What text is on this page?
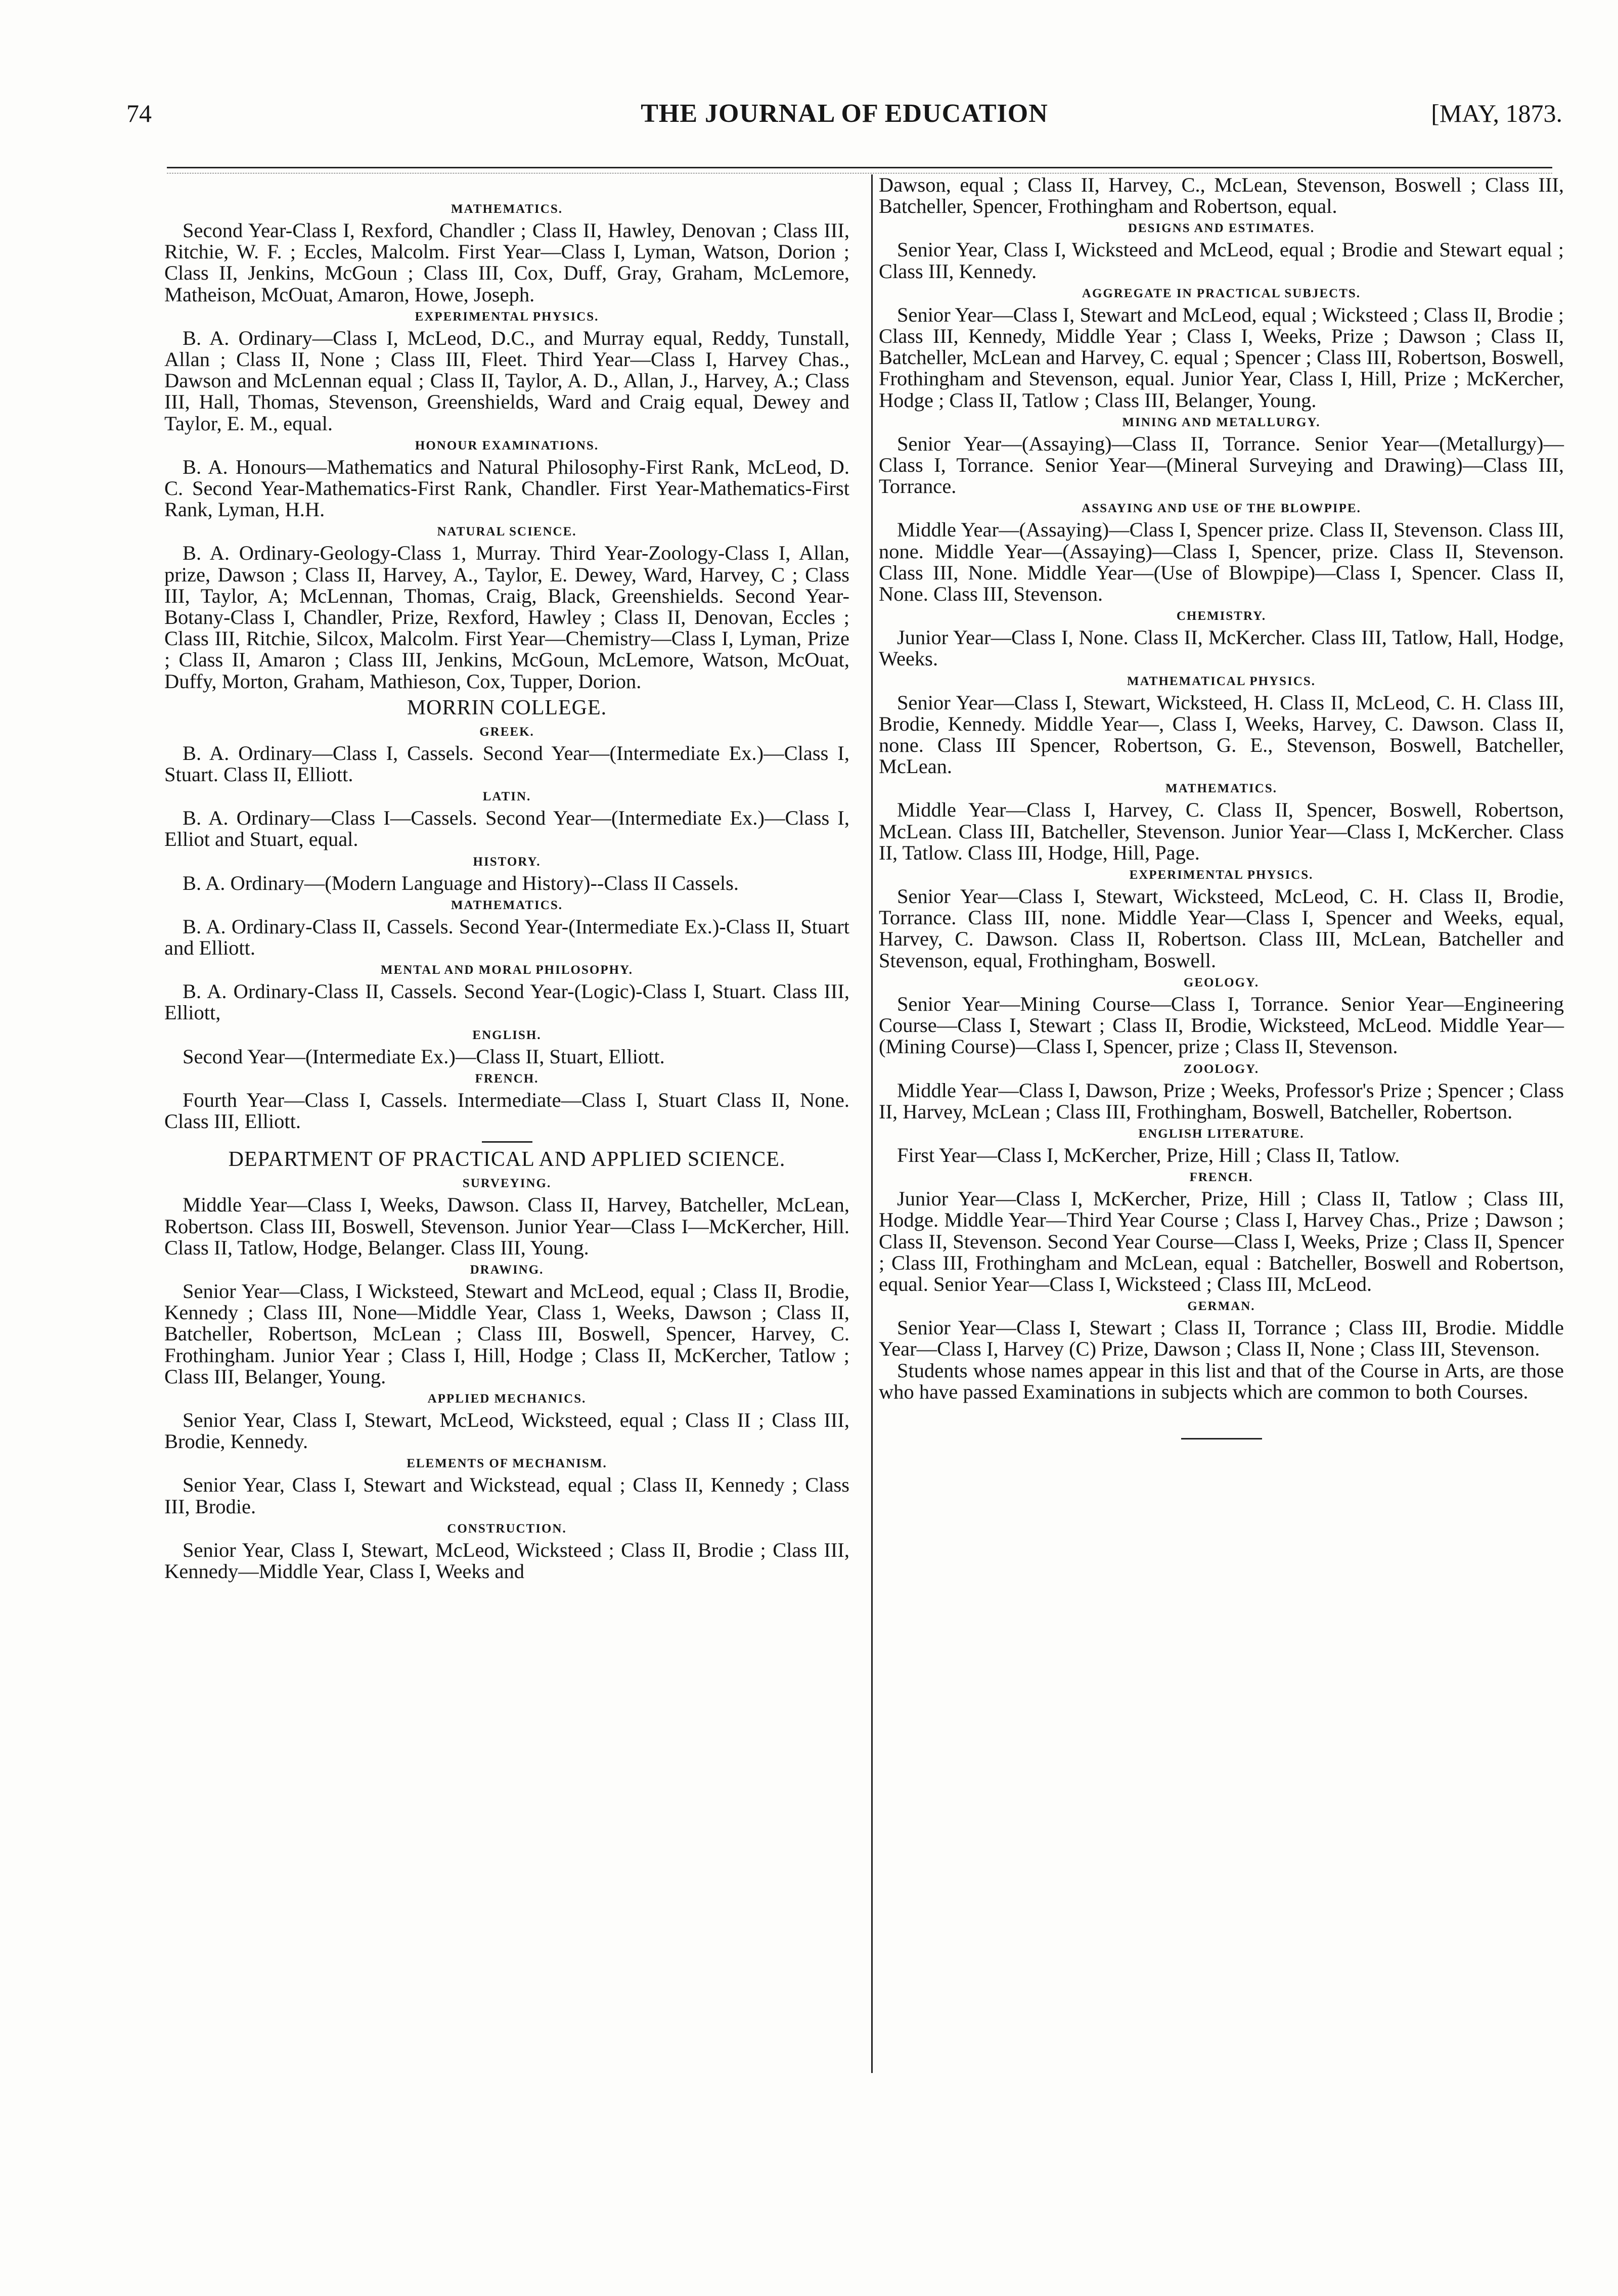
74	THE JOURNAL OF EDUCATION	[MAY, 1873.
MATHEMATICS.

Second Year-Class I, Rexford, Chandler ; Class II, Hawley, Denovan ; Class III, Ritchie, W. F. ; Eccles, Malcolm. First Year—Class I, Lyman, Watson, Dorion ; Class II, Jenkins, McGoun ; Class III, Cox, Duff, Gray, Graham, McLemore, Matheison, McOuat, Amaron, Howe, Joseph.

EXPERIMENTAL PHYSICS.

B. A. Ordinary—Class I, McLeod, D.C., and Murray equal, Reddy, Tunstall, Allan ; Class II, None ; Class III, Fleet. Third Year—Class I, Harvey Chas., Dawson and McLennan equal ; Class II, Taylor, A. D., Allan, J., Harvey, A.; Class III, Hall, Thomas, Stevenson, Greenshields, Ward and Craig equal, Dewey and Taylor, E. M., equal.

HONOUR EXAMINATIONS.

B. A. Honours—Mathematics and Natural Philosophy-First Rank, McLeod, D. C. Second Year-Mathematics-First Rank, Chandler. First Year-Mathematics-First Rank, Lyman, H.H.

NATURAL SCIENCE.

B. A. Ordinary-Geology-Class 1, Murray. Third Year-Zoology-Class I, Allan, prize, Dawson ; Class II, Harvey, A., Taylor, E. Dewey, Ward, Harvey, C ; Class III, Taylor, A; McLennan, Thomas, Craig, Black, Greenshields. Second Year-Botany-Class I, Chandler, Prize, Rexford, Hawley ; Class II, Denovan, Eccles ; Class III, Ritchie, Silcox, Malcolm. First Year—Chemistry—Class I, Lyman, Prize ; Class II, Amaron ; Class III, Jenkins, McGoun, McLemore, Watson, McOuat, Duffy, Morton, Graham, Mathieson, Cox, Tupper, Dorion.

MORRIN COLLEGE.
GREEK.

B. A. Ordinary—Class I, Cassels. Second Year—(Intermediate Ex.)—Class I, Stuart. Class II, Elliott.

LATIN.

B. A. Ordinary—Class I—Cassels. Second Year—(Intermediate Ex.)—Class I, Elliot and Stuart, equal.

HISTORY.

B. A. Ordinary—(Modern Language and History)--Class II Cassels.

MATHEMATICS.

B. A. Ordinary-Class II, Cassels. Second Year-(Intermediate Ex.)-Class II, Stuart and Elliott.

MENTAL AND MORAL PHILOSOPHY.

B. A. Ordinary-Class II, Cassels. Second Year-(Logic)-Class I, Stuart. Class III, Elliott,

ENGLISH.

Second Year—(Intermediate Ex.)—Class II, Stuart, Elliott.

FRENCH.

Fourth Year—Class I, Cassels. Intermediate—Class I, Stuart Class II, None. Class III, Elliott.

DEPARTMENT OF PRACTICAL AND APPLIED SCIENCE.
SURVEYING.

Middle Year—Class I, Weeks, Dawson. Class II, Harvey, Batcheller, McLean, Robertson. Class III, Boswell, Stevenson. Junior Year—Class I—McKercher, Hill. Class II, Tatlow, Hodge, Belanger. Class III, Young.

DRAWING.

Senior Year—Class, I Wicksteed, Stewart and McLeod, equal ; Class II, Brodie, Kennedy ; Class III, None—Middle Year, Class 1, Weeks, Dawson ; Class II, Batcheller, Robertson, McLean ; Class III, Boswell, Spencer, Harvey, C. Frothingham. Junior Year ; Class I, Hill, Hodge ; Class II, McKercher, Tatlow ; Class III, Belanger, Young.

APPLIED MECHANICS.

Senior Year, Class I, Stewart, McLeod, Wicksteed, equal ; Class II ; Class III, Brodie, Kennedy.

ELEMENTS OF MECHANISM.

Senior Year, Class I, Stewart and Wickstead, equal ; Class II, Kennedy ; Class III, Brodie.

CONSTRUCTION.

Senior Year, Class I, Stewart, McLeod, Wicksteed ; Class II, Brodie ; Class III, Kennedy—Middle Year, Class I, Weeks and

Dawson, equal ; Class II, Harvey, C., McLean, Stevenson, Boswell ; Class III, Batcheller, Spencer, Frothingham and Robertson, equal.

DESIGNS AND ESTIMATES.

Senior Year, Class I, Wicksteed and McLeod, equal ; Brodie and Stewart equal ; Class III, Kennedy.

AGGREGATE IN PRACTICAL SUBJECTS.

Senior Year—Class I, Stewart and McLeod, equal ; Wicksteed ; Class II, Brodie ; Class III, Kennedy, Middle Year ; Class I, Weeks, Prize ; Dawson ; Class II, Batcheller, McLean and Harvey, C. equal ; Spencer ; Class III, Robertson, Boswell, Frothingham and Stevenson, equal. Junior Year, Class I, Hill, Prize ; McKercher, Hodge ; Class II, Tatlow ; Class III, Belanger, Young.

MINING AND METALLURGY.

Senior Year—(Assaying)—Class II, Torrance. Senior Year—(Metallurgy)—Class I, Torrance. Senior Year—(Mineral Surveying and Drawing)—Class III, Torrance.

ASSAYING AND USE OF THE BLOWPIPE.

Middle Year—(Assaying)—Class I, Spencer prize. Class II, Stevenson. Class III, none. Middle Year—(Assaying)—Class I, Spencer, prize. Class II, Stevenson. Class III, None. Middle Year—(Use of Blowpipe)—Class I, Spencer. Class II, None. Class III, Stevenson.

CHEMISTRY.

Junior Year—Class I, None. Class II, McKercher. Class III, Tatlow, Hall, Hodge, Weeks.

MATHEMATICAL PHYSICS.

Senior Year—Class I, Stewart, Wicksteed, H. Class II, McLeod, C. H. Class III, Brodie, Kennedy. Middle Year—, Class I, Weeks, Harvey, C. Dawson. Class II, none. Class III Spencer, Robertson, G. E., Stevenson, Boswell, Batcheller, McLean.

MATHEMATICS.

Middle Year—Class I, Harvey, C. Class II, Spencer, Boswell, Robertson, McLean. Class III, Batcheller, Stevenson. Junior Year—Class I, McKercher. Class II, Tatlow. Class III, Hodge, Hill, Page.

EXPERIMENTAL PHYSICS.

Senior Year—Class I, Stewart, Wicksteed, McLeod, C. H. Class II, Brodie, Torrance. Class III, none. Middle Year—Class I, Spencer and Weeks, equal, Harvey, C. Dawson. Class II, Robertson. Class III, McLean, Batcheller and Stevenson, equal, Frothingham, Boswell.

GEOLOGY.

Senior Year—Mining Course—Class I, Torrance. Senior Year—Engineering Course—Class I, Stewart ; Class II, Brodie, Wicksteed, McLeod. Middle Year—(Mining Course)—Class I, Spencer, prize ; Class II, Stevenson.

ZOOLOGY.

Middle Year—Class I, Dawson, Prize ; Weeks, Professor's Prize ; Spencer ; Class II, Harvey, McLean ; Class III, Frothingham, Boswell, Batcheller, Robertson.

ENGLISH LITERATURE.

First Year—Class I, McKercher, Prize, Hill ; Class II, Tatlow.

FRENCH.

Junior Year—Class I, McKercher, Prize, Hill ; Class II, Tatlow ; Class III, Hodge. Middle Year—Third Year Course ; Class I, Harvey Chas., Prize ; Dawson ; Class II, Stevenson. Second Year Course—Class I, Weeks, Prize ; Class II, Spencer ; Class III, Frothingham and McLean, equal : Batcheller, Boswell and Robertson, equal. Senior Year—Class I, Wicksteed ; Class III, McLeod.

GERMAN.

Senior Year—Class I, Stewart ; Class II, Torrance ; Class III, Brodie. Middle Year—Class I, Harvey (C) Prize, Dawson ; Class II, None ; Class III, Stevenson.

Students whose names appear in this list and that of the Course in Arts, are those who have passed Examinations in subjects which are common to both Courses.
